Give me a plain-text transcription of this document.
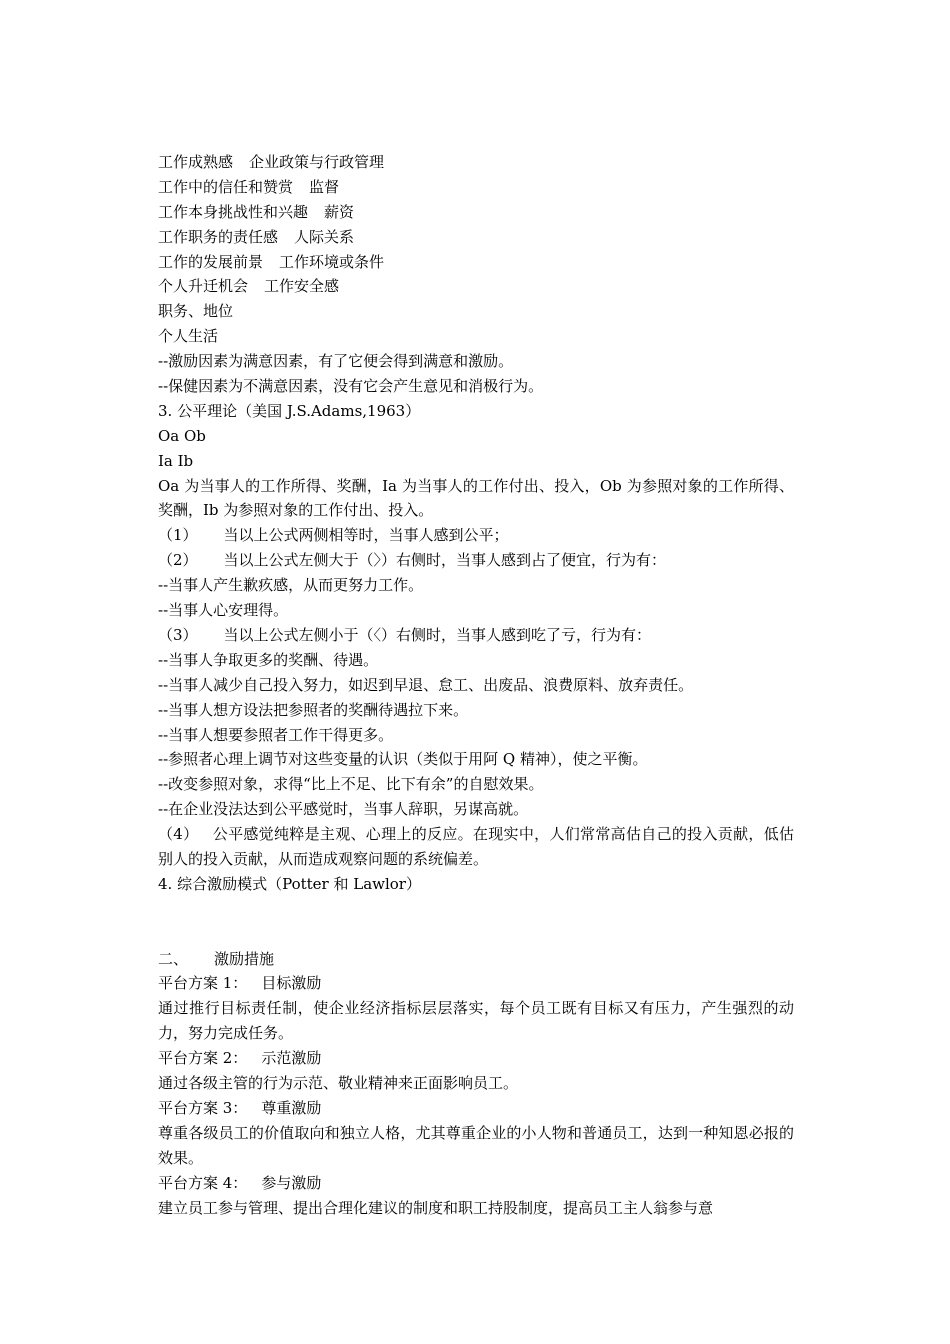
工作成熟感 企业政策与行政管理
工作中的信任和赞赏 监督
工作本身挑战性和兴趣 薪资
工作职务的责任感 人际关系
工作的发展前景 工作环境或条件
个人升迁机会 工作安全感
职务、地位
个人生活
--激励因素为满意因素，有了它便会得到满意和激励。
--保健因素为不满意因素，没有它会产生意见和消极行为。
3. 公平理论（美国 J.S.Adams,1963）
Oa Ob
Ia Ib
Oa 为当事人的工作所得、奖酬，Ia 为当事人的工作付出、投入，Ob 为参照对象的工作所得、奖酬，Ib 为参照对象的工作付出、投入。
（1） 当以上公式两侧相等时，当事人感到公平；
（2） 当以上公式左侧大于（〉）右侧时，当事人感到占了便宜，行为有：
--当事人产生歉疚感，从而更努力工作。
--当事人心安理得。
（3） 当以上公式左侧小于（〈）右侧时，当事人感到吃了亏，行为有：
--当事人争取更多的奖酬、待遇。
--当事人减少自己投入努力，如迟到早退、怠工、出废品、浪费原料、放弃责任。
--当事人想方设法把参照者的奖酬待遇拉下来。
--当事人想要参照者工作干得更多。
--参照者心理上调节对这些变量的认识（类似于用阿 Q 精神），使之平衡。
--改变参照对象，求得“比上不足、比下有余”的自慰效果。
--在企业没法达到公平感觉时，当事人辞职，另谋高就。
（4） 公平感觉纯粹是主观、心理上的反应。在现实中，人们常常高估自己的投入贡献，低估别人的投入贡献，从而造成观察问题的系统偏差。
4. 综合激励模式（Potter 和 Lawlor）
二、 激励措施
平台方案 1： 目标激励
通过推行目标责任制，使企业经济指标层层落实，每个员工既有目标又有压力，产生强烈的动力，努力完成任务。
平台方案 2： 示范激励
通过各级主管的行为示范、敬业精神来正面影响员工。
平台方案 3： 尊重激励
尊重各级员工的价值取向和独立人格，尤其尊重企业的小人物和普通员工，达到一种知恩必报的效果。
平台方案 4： 参与激励
建立员工参与管理、提出合理化建议的制度和职工持股制度，提高员工主人翁参与意
